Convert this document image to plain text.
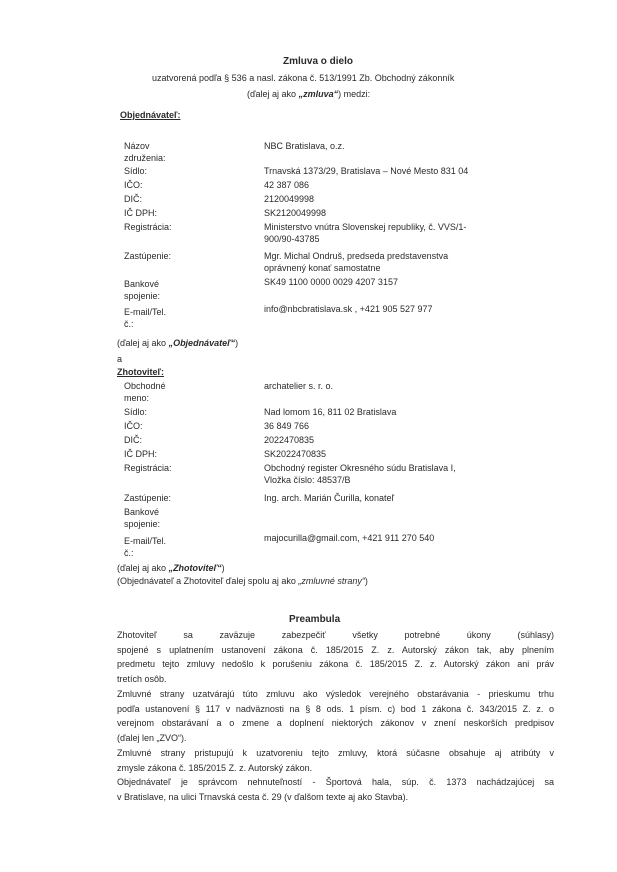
Zmluva o dielo
uzatvorená podľa § 536 a nasl. zákona č. 513/1991 Zb. Obchodný zákonník
(ďalej aj ako „zmluva“) medzi:
Objednávateľ:
Názov
združenia:
NBC Bratislava, o.z.
Sídlo:	Trnavská 1373/29, Bratislava – Nové Mesto 831 04
IČO:	42 387 086
DIČ:	2120049998
IČ DPH:	SK2120049998
Registrácia:	Ministerstvo vnútra Slovenskej republiky, č. VVS/1-
900/90-43785
Zastúpenie:	Mgr. Michal Ondruš, predseda predstavenstva
oprávnený konať samostatne
Bankové
spojenie:
SK49 1100 0000 0029 4207 3157
E-mail/Tel.
č.:
info@nbcbratislava.sk , +421 905 527 977
(ďalej aj ako „Objednávateľ“)
a
Zhotoviteľ:
Obchodné
meno:
archatelier s. r. o.
Sídlo:	Nad lomom 16, 811 02 Bratislava
IČO:	36 849 766
DIČ:	2022470835
IČ DPH:	SK2022470835
Registrácia:	Obchodný register Okresného súdu Bratislava I,
Vložka číslo: 48537/B
Zastúpenie:	Ing. arch. Marián Čurilla, konateľ
Bankové
spojenie:
E-mail/Tel.
č.:
majocurilla@gmail.com, +421 911 270 540
(ďalej aj ako „Zhotoviteľ“)
(Objednávateľ a Zhotoviteľ ďalej spolu aj ako „zmluvné strany“)
Preambula
Zhotoviteľ sa zaväzuje zabezpečiť všetky potrebné úkony (súhlasy)
spojené s uplatnením ustanovení zákona č. 185/2015 Z. z. Autorský zákon tak, aby plnením
predmetu tejto zmluvy nedošlo k porušeniu zákona č. 185/2015 Z. z. Autorský zákon ani práv
tretích osôb.
Zmluvné strany uzatvárajú túto zmluvu ako výsledok verejného obstarávania - prieskumu trhu
podľa ustanovení § 117 v nadväznosti na § 8 ods. 1 písm. c) bod 1 zákona č. 343/2015 Z. z. o
verejnom obstarávaní a o zmene a doplnení niektorých zákonov v znení neskorších predpisov
(ďalej len „ZVO“).
Zmluvné strany pristupujú k uzatvoreniu tejto zmluvy, ktorá súčasne obsahuje aj atribúty v
zmysle zákona č. 185/2015 Z. z. Autorský zákon.
Objednávateľ je správcom nehnuteľností - Športová hala, súp. č. 1373 nachádzajúcej sa
v Bratislave, na ulici Trnavská cesta č. 29 (v ďalšom texte aj ako Stavba).
